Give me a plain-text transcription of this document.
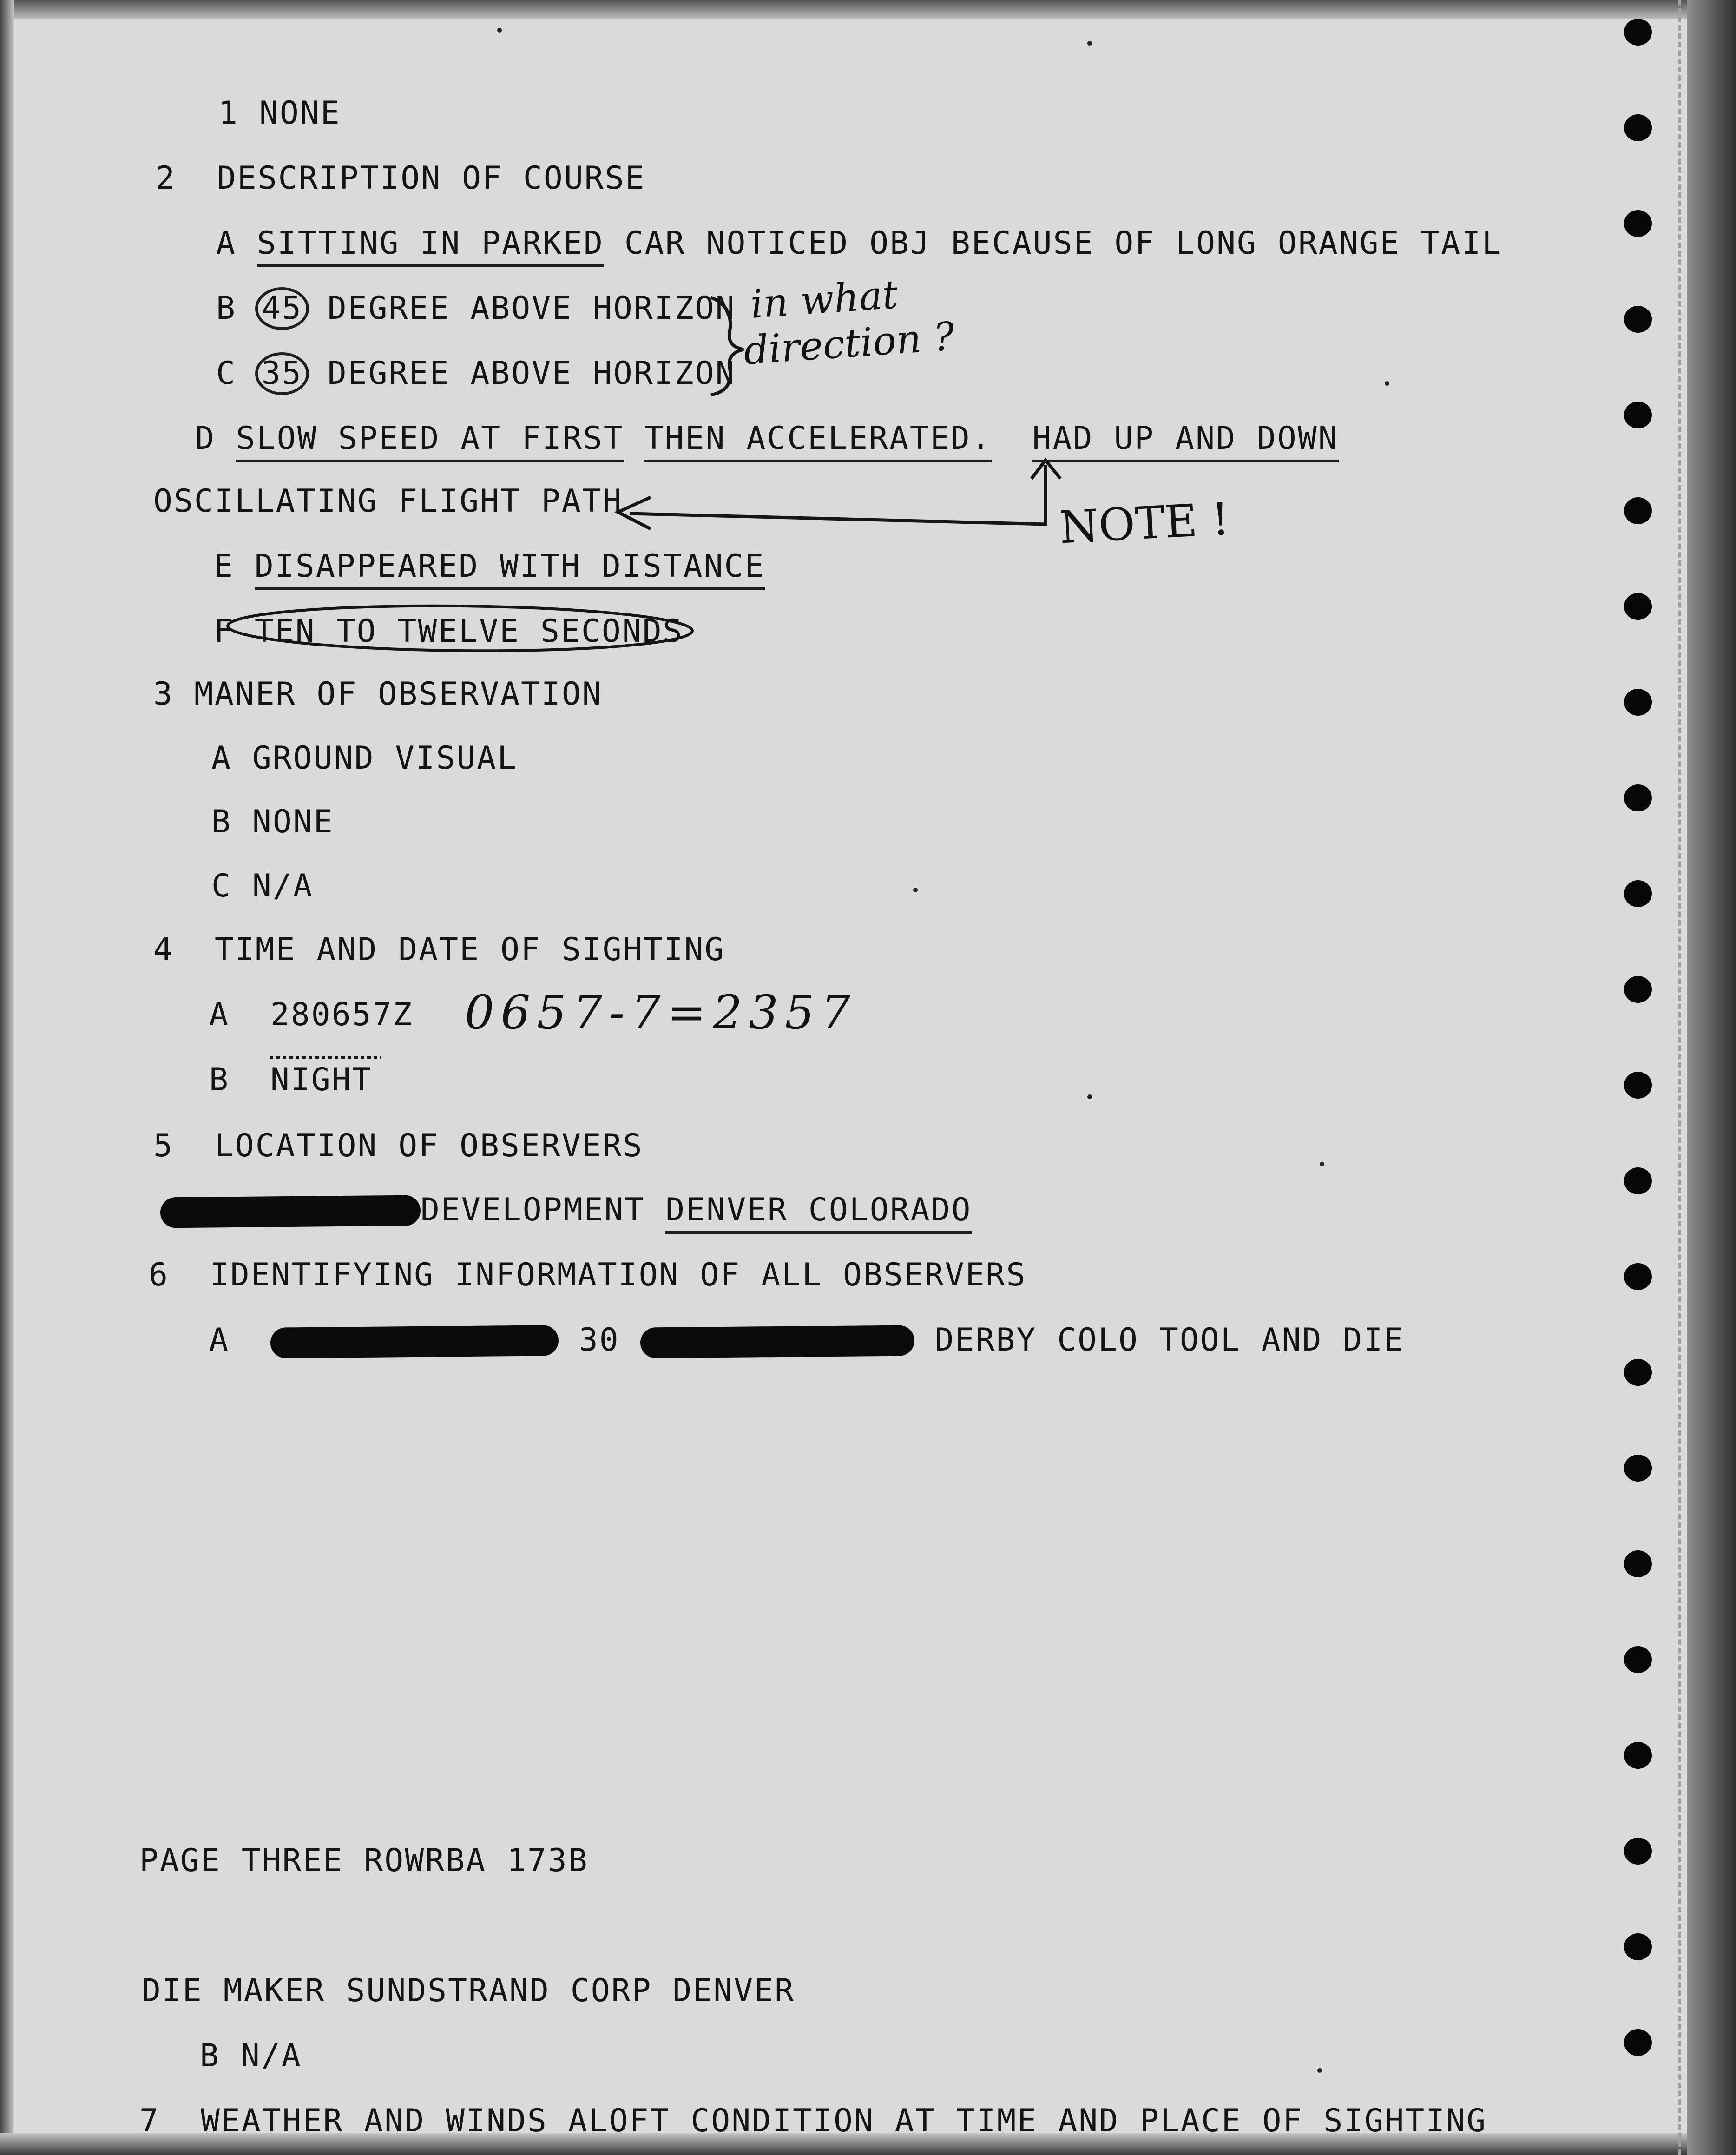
1 NONE
2 DESCRIPTION OF COURSE
A SITTING IN PARKED CAR NOTICED OBJ BECAUSE OF LONG ORANGE TAIL
B 45 DEGREE ABOVE HORIZON
C 35 DEGREE ABOVE HORIZON
D SLOW SPEED AT FIRST THEN ACCELERATED. HAD UP AND DOWN
OSCILLATING FLIGHT PATH
E DISAPPEARED WITH DISTANCE
F TEN TO TWELVE SECONDS
3 MANER OF OBSERVATION
A GROUND VISUAL
B NONE
C N/A
4 TIME AND DATE OF SIGHTING
A 280657Z
B NIGHT
5 LOCATION OF OBSERVERS
DEVELOPMENT DENVER COLORADO
6 IDENTIFYING INFORMATION OF ALL OBSERVERS
A	30	DERBY COLO TOOL AND DIE
PAGE THREE ROWRBA 173B
DIE MAKER SUNDSTRAND CORP DENVER
B N/A
7  WEATHER AND WINDS ALOFT CONDITION AT TIME AND PLACE OF SIGHTING
in what
direction ?
NOTE !
0657-7=2357
